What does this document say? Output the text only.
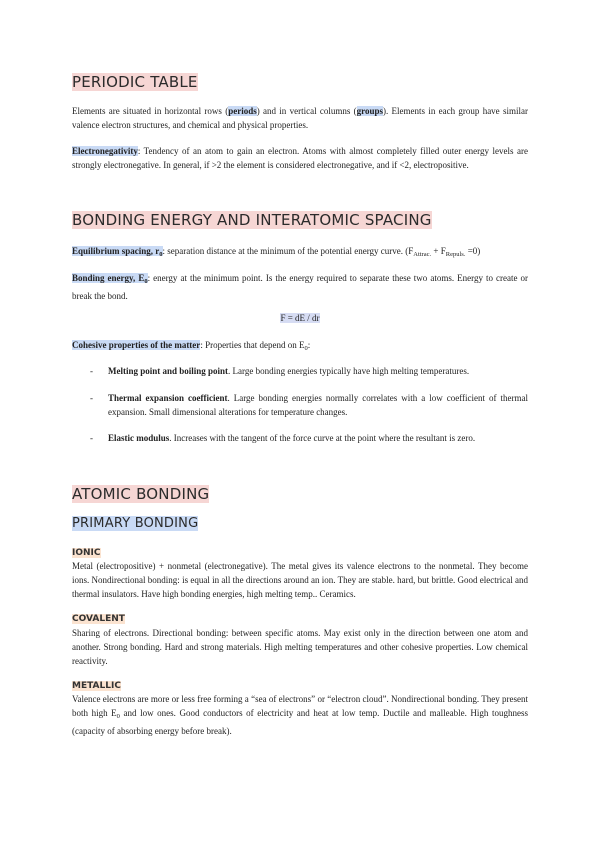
PERIODIC TABLE

Elements are situated in horizontal rows (periods) and in vertical columns (groups). Elements in each group have similar valence electron structures, and chemical and physical properties.

Electronegativity: Tendency of an atom to gain an electron. Atoms with almost completely filled outer energy levels are strongly electronegative. In general, if >2 the element is considered electronegative, and if <2, electropositive.

BONDING ENERGY AND INTERATOMIC SPACING

Equilibrium spacing, $r_0$: separation distance at the minimum of the potential energy curve. $(F_{Attrac.} + F_{Repuls.} =0)$

Bonding energy, $E_0$: energy at the minimum point. Is the energy required to separate these two atoms. Energy to create or break the bond.

F = dE / dr

Cohesive properties of the matter: Properties that depend on $E_0$:

- Melting point and boiling point. Large bonding energies typically have high melting temperatures.
- Thermal expansion coefficient. Large bonding energies normally correlates with a low coefficient of thermal expansion. Small dimensional alterations for temperature changes.
- Elastic modulus. Increases with the tangent of the force curve at the point where the resultant is zero.
ATOMIC BONDING
PRIMARY BONDING
IONIC

Metal (electropositive) + nonmetal (electronegative). The metal gives its valence electrons to the nonmetal. They become ions. Nondirectional bonding: is equal in all the directions around an ion. They are stable. hard, but brittle. Good electrical and thermal insulators. Have high bonding energies, high melting temp.. Ceramics.

COVALENT

Sharing of electrons. Directional bonding: between specific atoms. May exist only in the direction between one atom and another. Strong bonding. Hard and strong materials. High melting temperatures and other cohesive properties. Low chemical reactivity.

METALLIC

Valence electrons are more or less free forming a “sea of electrons” or “electron cloud”. Nondirectional bonding. They present both high $E_0$ and low ones. Good conductors of electricity and heat at low temp. Ductile and malleable. High toughness (capacity of absorbing energy before break).
